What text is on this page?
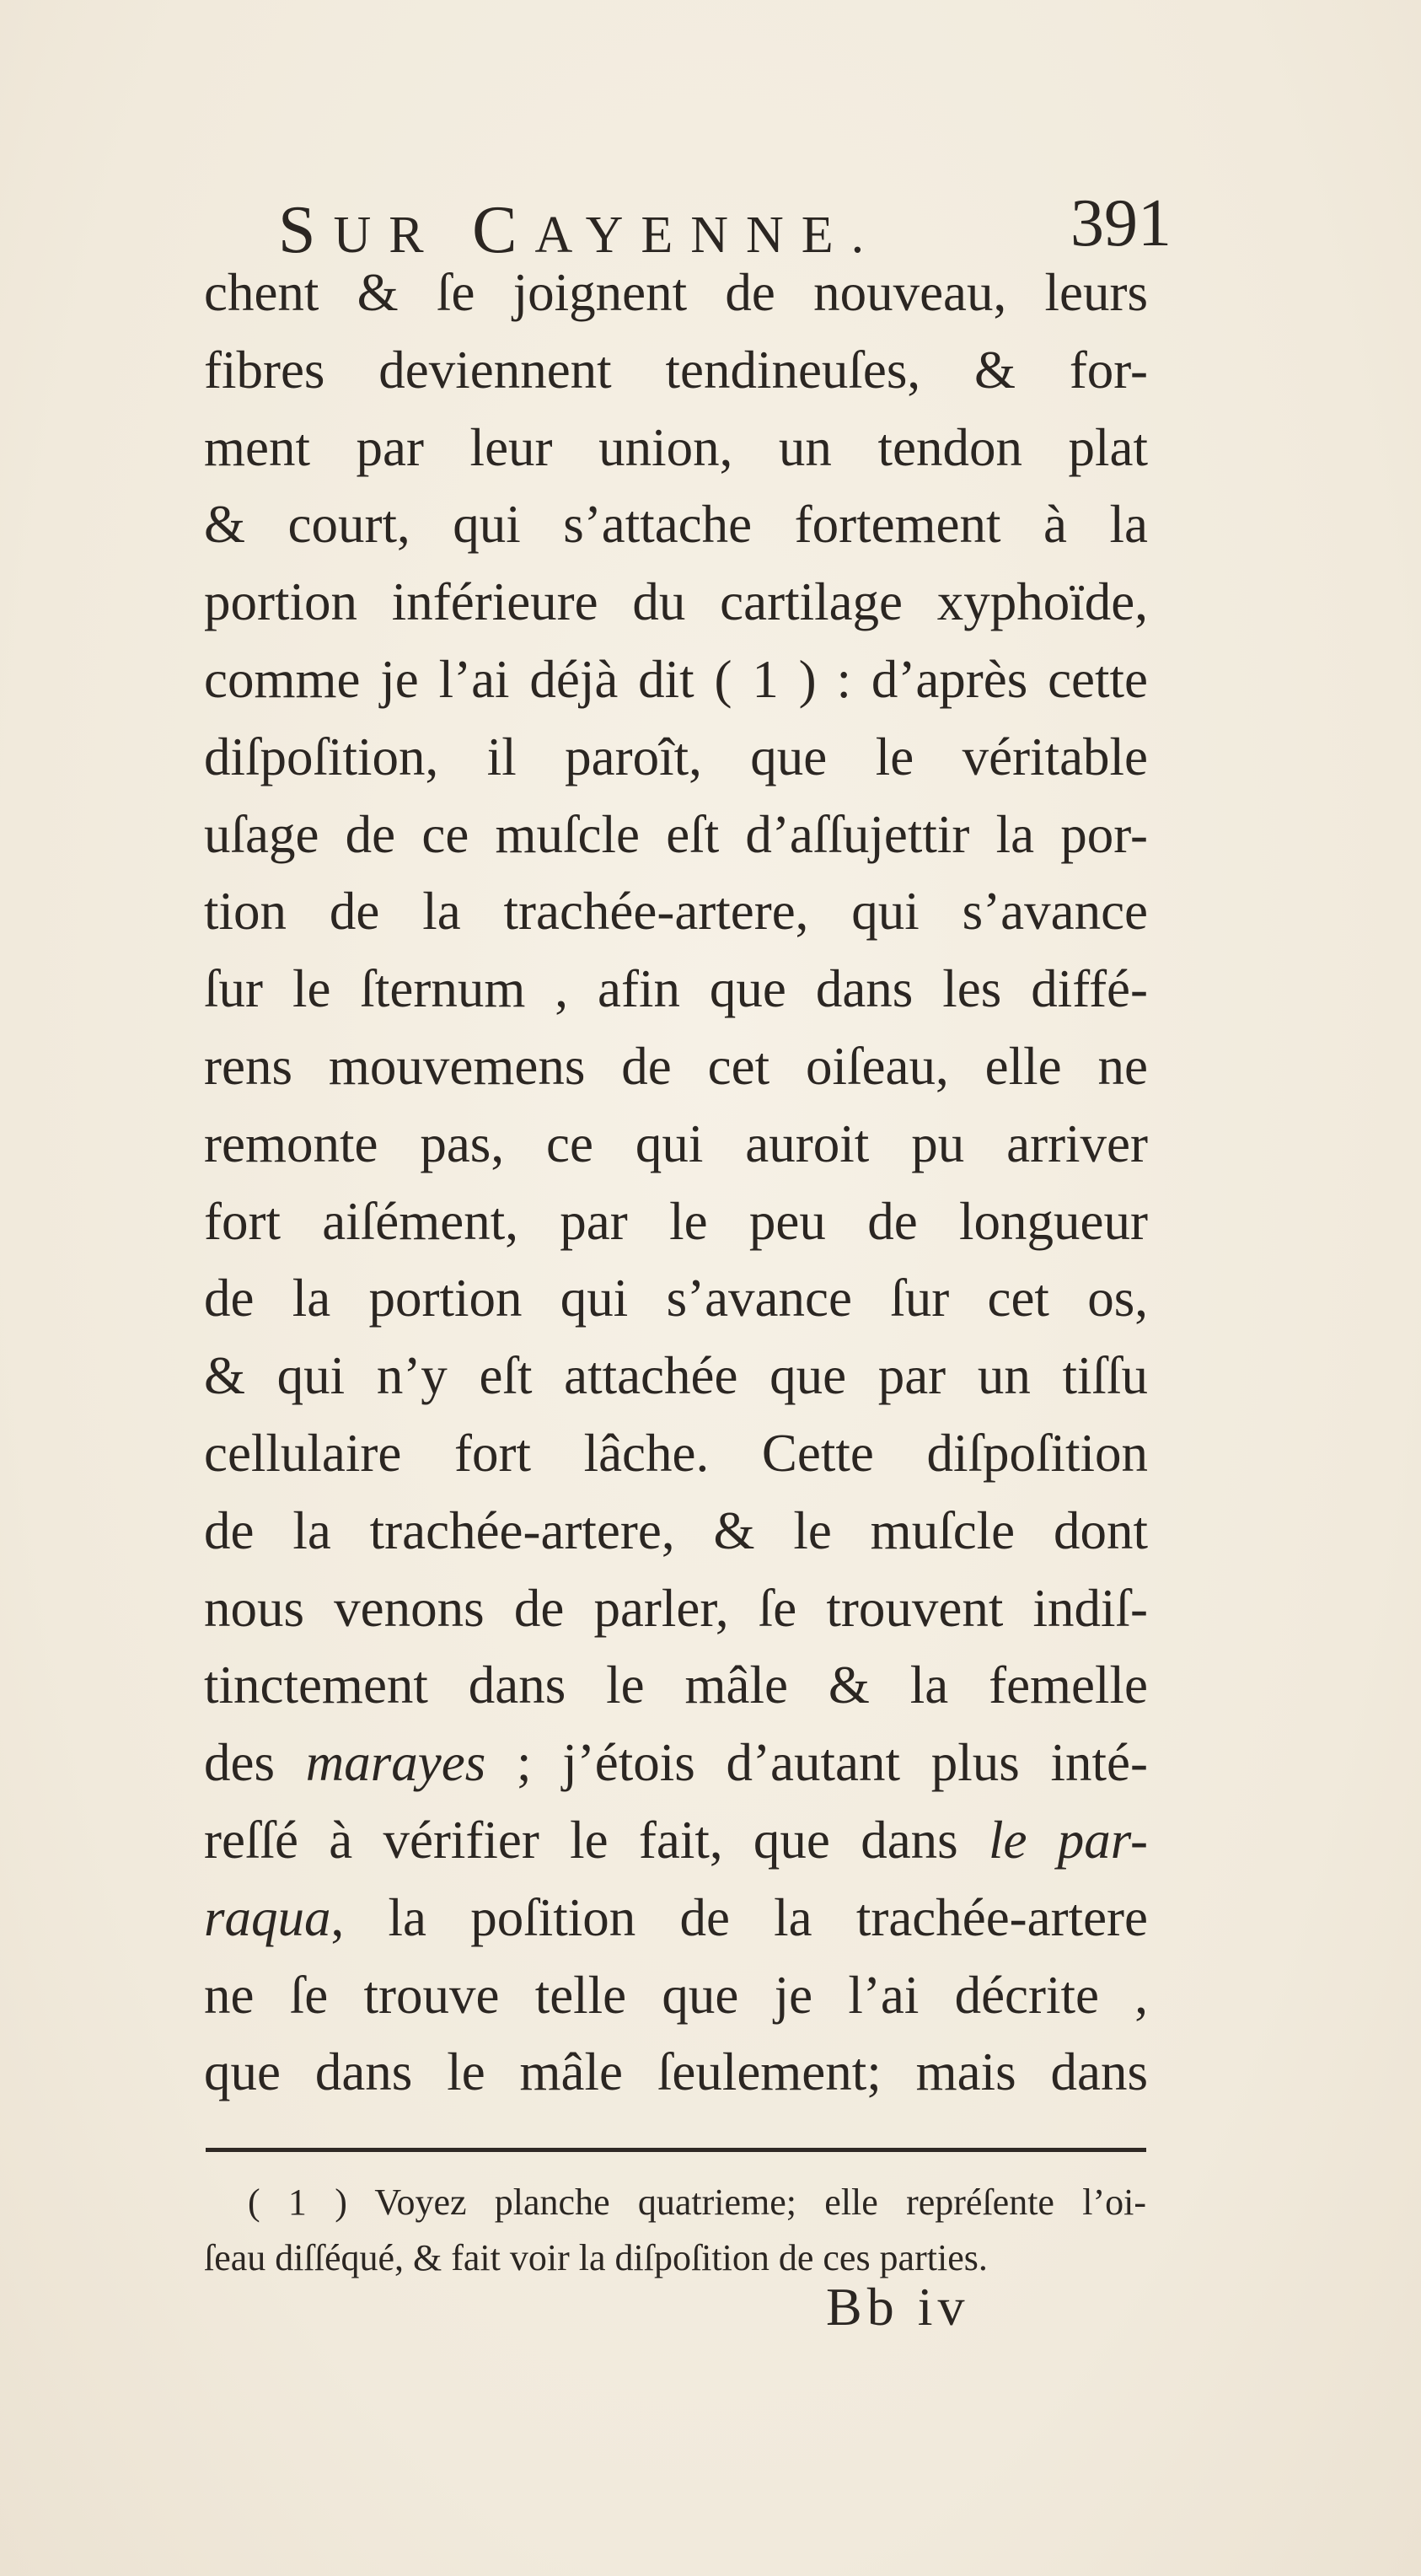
SUR CAYENNE.	391
chent & ſe joignent de nouveau, leurs
fibres deviennent tendineuſes, & for-
ment par leur union, un tendon plat
& court, qui s’attache fortement à la
portion inférieure du cartilage xyphoïde,
comme je l’ai déjà dit ( 1 ) : d’après cette
diſpoſition, il paroît, que le véritable
uſage de ce muſcle eſt d’aſſujettir la por-
tion de la trachée-artere, qui s’avance
ſur le ſternum , afin que dans les diffé-
rens mouvemens de cet oiſeau, elle ne
remonte pas, ce qui auroit pu arriver
fort aiſément, par le peu de longueur
de la portion qui s’avance ſur cet os,
& qui n’y eſt attachée que par un tiſſu
cellulaire fort lâche. Cette diſpoſition
de la trachée-artere, & le muſcle dont
nous venons de parler, ſe trouvent indiſ-
tinctement dans le mâle & la femelle
des marayes ; j’étois d’autant plus inté-
reſſé à vérifier le fait, que dans le par-
raqua, la poſition de la trachée-artere
ne ſe trouve telle que je l’ai décrite ,
que dans le mâle ſeulement; mais dans
( 1 ) Voyez planche quatrieme; elle repréſente l’oi-
ſeau diſſéqué, & fait voir la diſpoſition de ces parties.
Bb iv
